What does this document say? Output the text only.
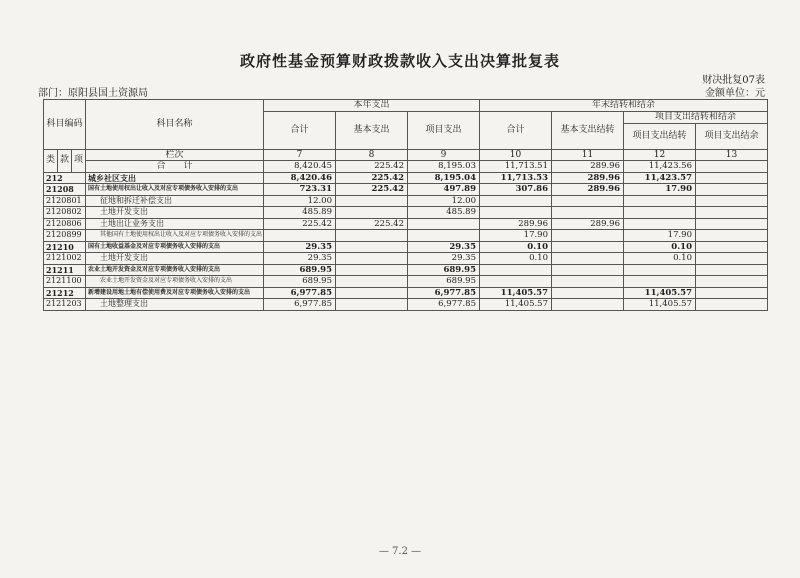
政府性基金预算财政拨款收入支出决算批复表
财决批复07表
部门：原阳县国土资源局	金额单位：元
科目编码			科目名称	本年支出			年末结转和结余			
				合计	基本支出	项目支出	合计	基本支出结转	项目支出结转和结余	
									项目支出结转	项目支出结余
类	款	项	栏次	7	8	9	10	11	12	13
			合　　计	8,420.45	225.42	8,195.03	11,713.51	289.96	11,423.56	
212			城乡社区支出	8,420.46	225.42	8,195.04	11,713.53	289.96	11,423.57	
21208			国有土地使用权出让收入及对应专项债务收入安排的支出	723.31	225.42	497.89	307.86	289.96	17.90	
2120801			征地和拆迁补偿支出	12.00		12.00				
2120802			土地开发支出	485.89		485.89				
2120806			土地出让业务支出	225.42	225.42		289.96	289.96		
2120899			其他国有土地使用权出让收入及对应专项债务收入安排的支出				17.90		17.90	
21210			国有土地收益基金及对应专项债务收入安排的支出	29.35		29.35	0.10		0.10	
2121002			土地开发支出	29.35		29.35	0.10		0.10	
21211			农业土地开发资金及对应专项债务收入安排的支出	689.95		689.95				
2121100			农业土地开发资金及对应专项债务收入安排的支出	689.95		689.95				
21212			新增建设用地土地有偿使用费及对应专项债务收入安排的支出	6,977.85		6,977.85	11,405.57		11,405.57	
2121203			土地整理支出	6,977.85		6,977.85	11,405.57		11,405.57	
— 7.2 —
